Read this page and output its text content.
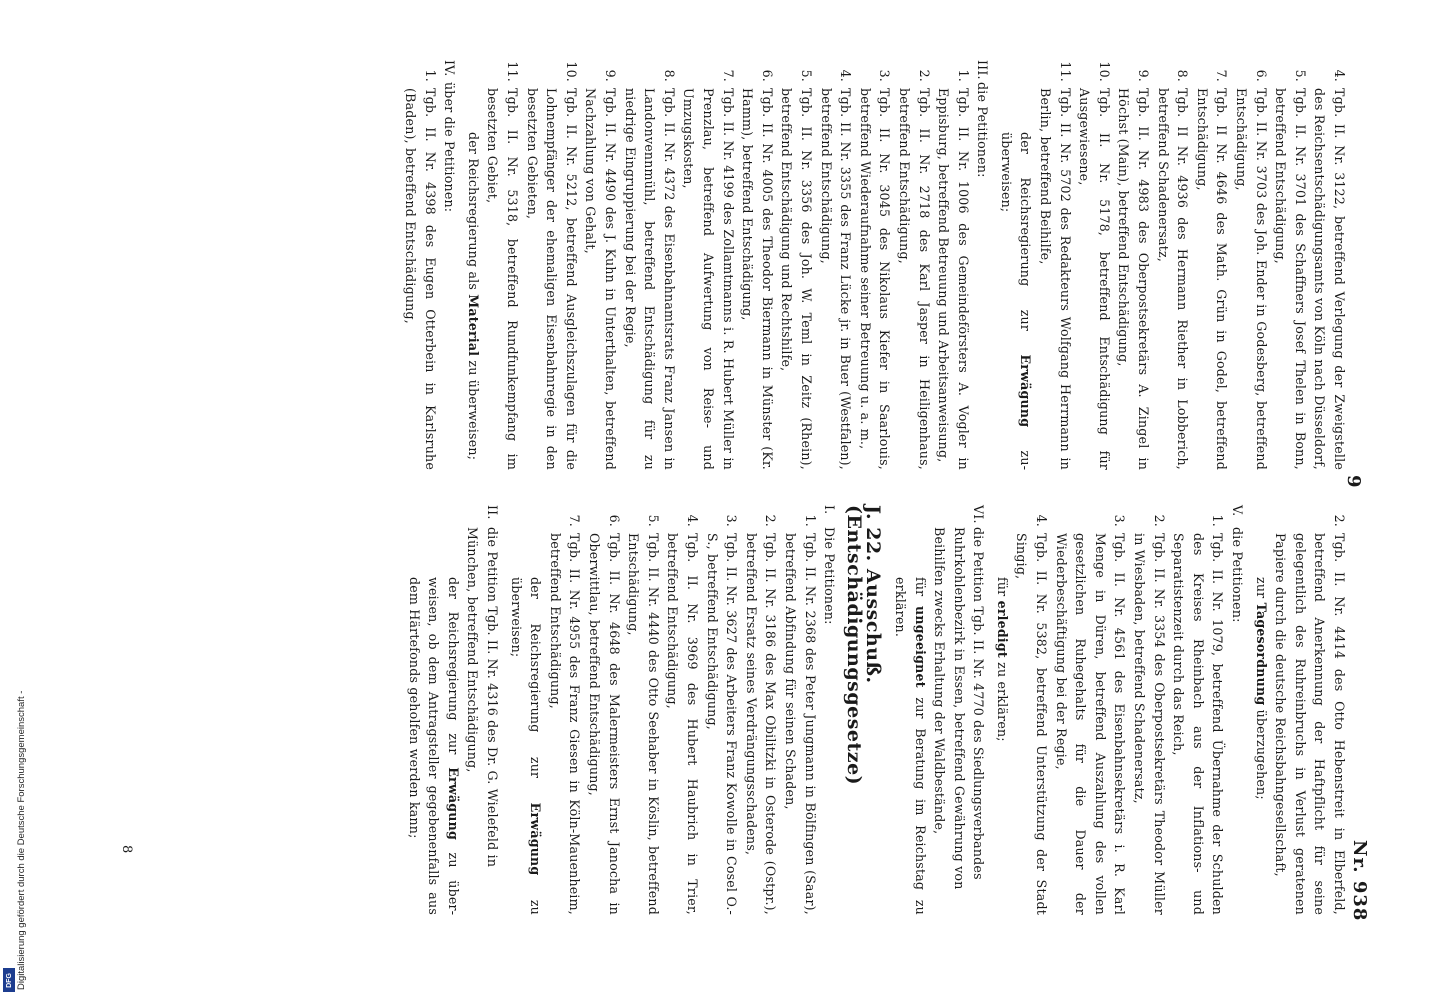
DFG Digitalisierung gefördert durch die Deutsche Forschungsgemeinschaft -
9
Nr. 938
4.
Tgb. II. Nr. 3122, betreffend Verlegung der Zweigstelle des Reichsentschädigungsamts von Köln nach Düsseldorf,
5.
Tgb. II. Nr. 3701 des Schaffners Josef Thelen in Bonn, betreffend Entschädigung,
6.
Tgb. II. Nr. 3703 des Joh. Ender in Godesberg, betreffend Entschädigung,
7.
Tgb. II Nr. 4646 des Math. Grün in Godel, betreffend Entschädigung,
8.
Tgb. II Nr. 4936 des Hermann Riether in Lobberich, betreffend Schadenersatz,
9.
Tgb. II. Nr. 4983 des Oberpostsekretärs A. Zingel in Höchst (Main), betreffend Entschädigung,
10.
Tgb. II. Nr. 5178, betreffend Entschädigung für Ausgewiesene,
11.
Tgb. II. Nr. 5702 des Redakteurs Wolfgang Herrmann in Berlin, betreffend Beihilfe,
der Reichsregierung zur Erwägung zu überweisen;
III.
die Petitionen:
1.
Tgb. II. Nr. 1006 des Gemeindeförsters A. Vogler in Eppisburg, betreffend Betreuung und Arbeitsanweisung,
2.
Tgb. II. Nr. 2718 des Karl Jasper in Heiligenhaus, betreffend Entschädigung,
3.
Tgb. II. Nr. 3045 des Nikolaus Kiefer in Saarlouis, betreffend Wiederaufnahme seiner Betreuung u. a. m.,
4.
Tgb. II. Nr. 3355 des Franz Lücke jr. in Buer (Westfalen), betreffend Entschädigung,
5.
Tgb. II. Nr. 3356 des Joh. W. Teml in Zeitz (Rhein), betreffend Entschädigung und Rechtshilfe,
6.
Tgb. II. Nr. 4005 des Theodor Biermann in Münster (Kr. Hamm), betreffend Entschädigung,
7.
Tgb. II. Nr. 4199 des Zollamtmanns i. R. Hubert Müller in Prenzlau, betreffend Aufwertung von Reise- und Umzugskosten,
8.
Tgb. II. Nr. 4372 des Eisenbahnamtsrats Franz Jansen in Landonvennmühl, betreffend Entschädigung für zu niedrige Eingruppierung bei der Regie,
9.
Tgb. II. Nr. 4490 des J. Kuhn in Unterthalten, betreffend Nachzahlung von Gehalt,
10.
Tgb. II. Nr. 5212, betreffend Ausgleichszulagen für die Lohnempfänger der ehemaligen Eisenbahnregie in den besetzten Gebieten,
11.
Tgb. II. Nr. 5318, betreffend Rundfunkempfang im besetzten Gebiet,
der Reichsregierung als Material zu überweisen;
IV.
über die Petitionen:
1.
Tgb. II. Nr. 4398 des Eugen Otterbein in Karlsruhe (Baden), betreffend Entschädigung,
2.
Tgb. II. Nr. 4414 des Otto Hebenstreit in Elberfeld, betreffend Anerkennung der Haftpflicht für seine gelegentlich des Ruhreinbruchs in Verlust geratenen Papiere durch die deutsche Reichsbahngesellschaft,
zur Tagesordnung überzugehen;
V.
die Petitionen:
1.
Tgb. II. Nr. 1079, betreffend Übernahme der Schulden des Kreises Rheinbach aus der Inflations- und Separatistenzeit durch das Reich,
2.
Tgb. II. Nr. 3354 des Oberpostsekretärs Theodor Müller in Wiesbaden, betreffend Schadenersatz,
3.
Tgb. II. Nr. 4561 des Eisenbahnsekretärs i. R. Karl Menge in Düren, betreffend Auszahlung des vollen gesetzlichen Ruhegehalts für die Dauer der Wiederbeschäftigung bei der Regie,
4.
Tgb. II. Nr. 5382, betreffend Unterstützung der Stadt Singig,
für erledigt zu erklären;
VI.
die Petition Tgb. II. Nr. 4770 des Siedlungsverbandes Ruhrkohlenbezirk in Essen, betreffend Gewährung von Beihilfen zwecks Erhaltung der Waldbestände,
für ungeeignet zur Beratung im Reichstag zu erklären.
J. 22. Ausschuß. (Entschädigungsgesetze)
I.
Die Petitionen:
1.
Tgb. II. Nr. 2368 des Peter Jungmann in Bölfingen (Saar), betreffend Abfindung für seinen Schaden,
2.
Tgb. II. Nr. 3186 des Max Obilitzki in Osterode (Ostpr.), betreffend Ersatz seines Verdrängungsschadens,
3.
Tgb. II. Nr. 3627 des Arbeiters Franz Kowolle in Cosel O.-S., betreffend Entschädigung,
4.
Tgb. II. Nr. 3969 des Hubert Haubrich in Trier, betreffend Entschädigung,
5.
Tgb. II. Nr. 4440 des Otto Seehaber in Köslin, betreffend Entschädigung,
6.
Tgb. II. Nr. 4648 des Malermeisters Ernst Janocha in Oberwittlau, betreffend Entschädigung,
7.
Tgb. II. Nr. 4955 des Franz Giesen in Köln-Mauenheim, betreffend Entschädigung,
der Reichsregierung zur Erwägung zu überweisen;
II.
die Petition Tgb. II. Nr. 4316 des Dr. G. Wielefeld in München, betreffend Entschädigung,
der Reichsregierung zur Erwägung zu überweisen, ob dem Antragsteller gegebenenfalls aus dem Härtefonds geholfen werden kann;
8
